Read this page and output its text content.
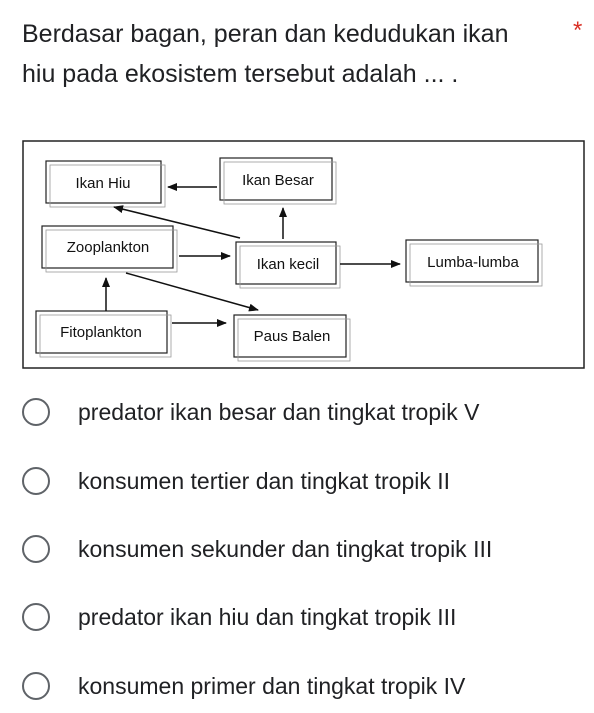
Berdasar bagan, peran dan kedudukan ikan hiu pada ekosistem tersebut adalah ... .
*
Ikan Hiu	Ikan Besar
Zooplankton
Ikan kecil	Lumba-lumba
Fitoplankton	Paus Balen
predator ikan besar dan tingkat tropik V
konsumen tertier dan tingkat tropik II
konsumen sekunder dan tingkat tropik III
predator ikan hiu dan tingkat tropik III
konsumen primer dan tingkat tropik IV
